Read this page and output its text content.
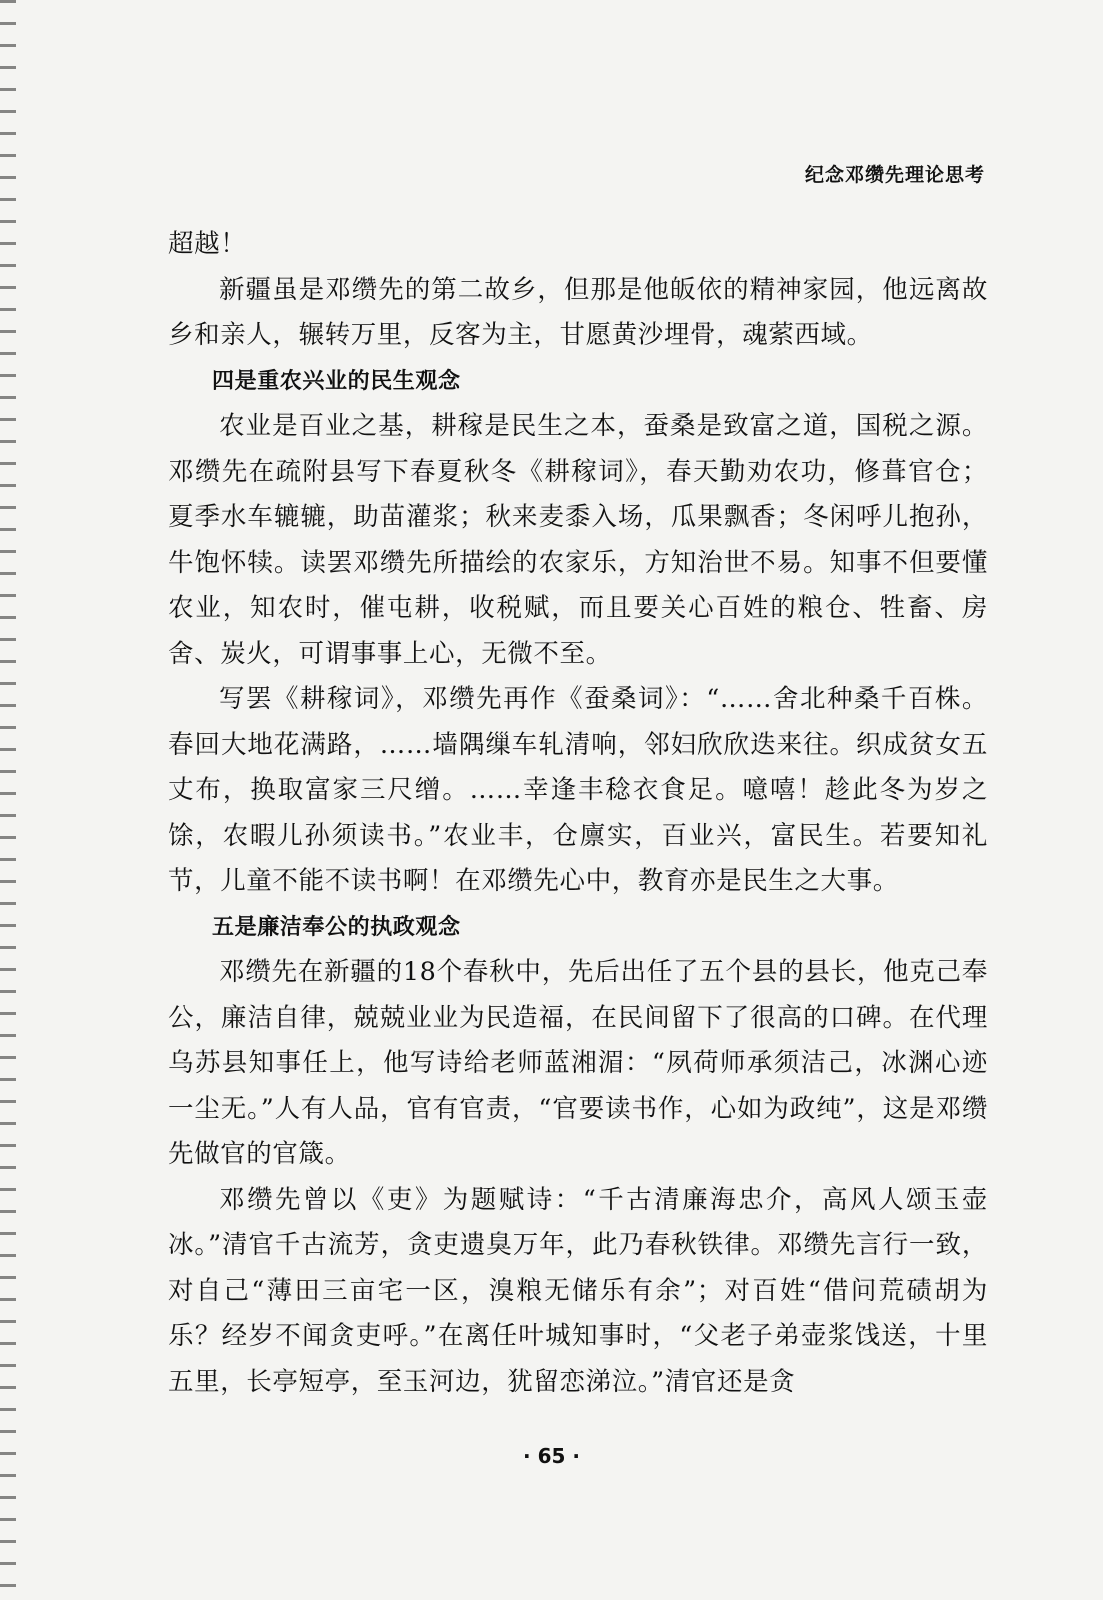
纪念邓缵先理论思考

超越！

新疆虽是邓缵先的第二故乡，但那是他皈依的精神家园，他远离故乡和亲人，辗转万里，反客为主，甘愿黄沙埋骨，魂萦西域。

四是重农兴业的民生观念

农业是百业之基，耕稼是民生之本，蚕桑是致富之道，国税之源。邓缵先在疏附县写下春夏秋冬《耕稼词》，春天勤劝农功，修葺官仓；夏季水车辘辘，助苗灌浆；秋来麦黍入场，瓜果飘香；冬闲呼儿抱孙，牛饱怀犊。读罢邓缵先所描绘的农家乐，方知治世不易。知事不但要懂农业，知农时，催屯耕，收税赋，而且要关心百姓的粮仓、牲畜、房舍、炭火，可谓事事上心，无微不至。

写罢《耕稼词》，邓缵先再作《蚕桑词》：“……舍北种桑千百株。春回大地花满路，……墙隅缫车轧清响，邻妇欣欣迭来往。织成贫女五丈布，换取富家三尺缯。……幸逢丰稔衣食足。噫嘻！趁此冬为岁之馀，农暇儿孙须读书。”农业丰，仓廪实，百业兴，富民生。若要知礼节，儿童不能不读书啊！在邓缵先心中，教育亦是民生之大事。

五是廉洁奉公的执政观念

邓缵先在新疆的18个春秋中，先后出任了五个县的县长，他克己奉公，廉洁自律，兢兢业业为民造福，在民间留下了很高的口碑。在代理乌苏县知事任上，他写诗给老师蓝湘湄：“夙荷师承须洁己，冰渊心迹一尘无。”人有人品，官有官责，“官要读书作，心如为政纯”，这是邓缵先做官的官箴。

邓缵先曾以《吏》为题赋诗：“千古清廉海忠介，高风人颂玉壶冰。”清官千古流芳，贪吏遗臭万年，此乃春秋铁律。邓缵先言行一致，对自己“薄田三亩宅一区，溴粮无储乐有余”；对百姓“借问荒碛胡为乐？经岁不闻贪吏呼。”在离任叶城知事时，“父老子弟壶浆饯送，十里五里，长亭短亭，至玉河边，犹留恋涕泣。”清官还是贪

· 65 ·
